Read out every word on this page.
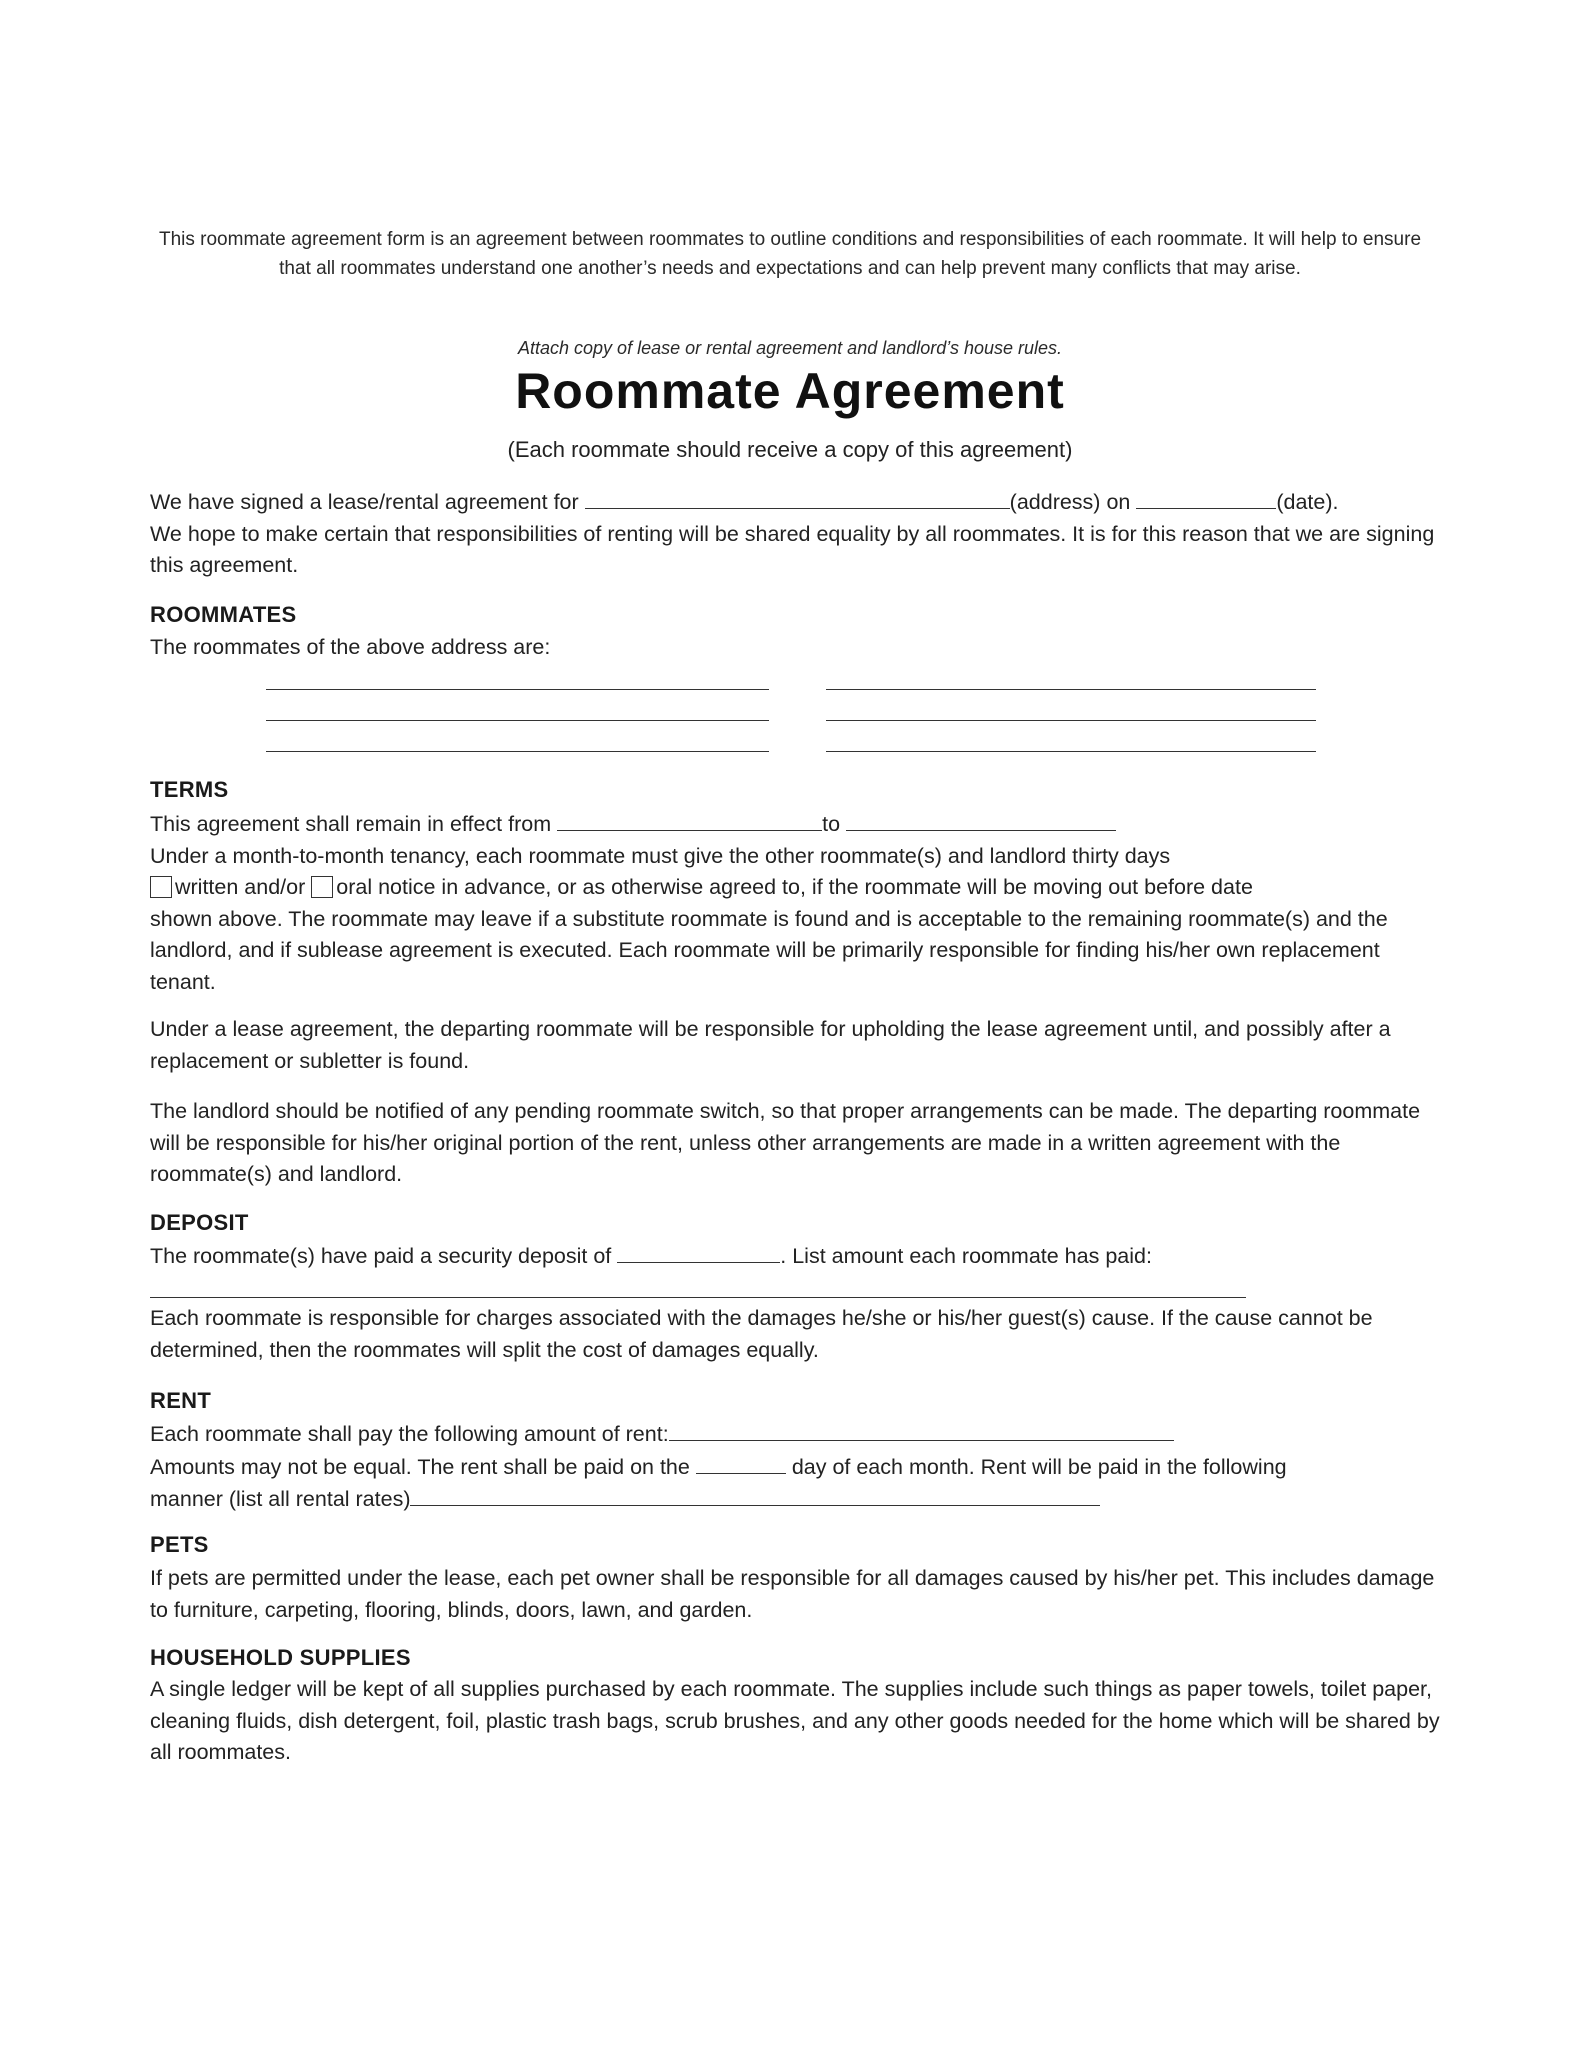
This roommate agreement form is an agreement between roommates to outline conditions and responsibilities of each roommate. It will help to ensure that all roommates understand one another’s needs and expectations and can help prevent many conflicts that may arise.
Attach copy of lease or rental agreement and landlord’s house rules.
Roommate Agreement
(Each roommate should receive a copy of this agreement)

We have signed a lease/rental agreement for	(address) on	(date).

We hope to make certain that responsibilities of renting will be shared equality by all roommates. It is for this reason that we are signing this agreement.

ROOMMATES
The roommates of the above address are:
TERMS

This agreement shall remain in effect from	to

Under a month-to-month tenancy, each roommate must give the other roommate(s) and landlord thirty days

written and/or oral notice in advance, or as otherwise agreed to, if the roommate will be moving out before date

shown above. The roommate may leave if a substitute roommate is found and is acceptable to the remaining roommate(s) and the landlord, and if sublease agreement is executed. Each roommate will be primarily responsible for finding his/her own replacement tenant.

Under a lease agreement, the departing roommate will be responsible for upholding the lease agreement until, and possibly after a replacement or subletter is found.
The landlord should be notified of any pending roommate switch, so that proper arrangements can be made. The departing roommate will be responsible for his/her original portion of the rent, unless other arrangements are made in a written agreement with the roommate(s) and landlord.
DEPOSIT

The roommate(s) have paid a security deposit of	. List amount each roommate has paid:

Each roommate is responsible for charges associated with the damages he/she or his/her guest(s) cause. If the cause cannot be determined, then the roommates will split the cost of damages equally.
RENT

Each roommate shall pay the following amount of rent:

Amounts may not be equal. The rent shall be paid on the	day of each month. Rent will be paid in the following

manner (list all rental rates)

PETS
If pets are permitted under the lease, each pet owner shall be responsible for all damages caused by his/her pet. This includes damage to furniture, carpeting, flooring, blinds, doors, lawn, and garden.
HOUSEHOLD SUPPLIES
A single ledger will be kept of all supplies purchased by each roommate. The supplies include such things as paper towels, toilet paper, cleaning fluids, dish detergent, foil, plastic trash bags, scrub brushes, and any other goods needed for the home which will be shared by all roommates.
